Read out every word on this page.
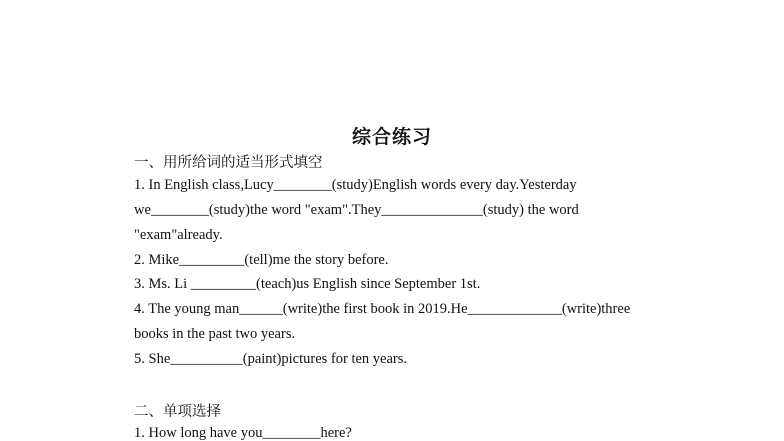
综合练习
一、用所给词的适当形式填空
1. In English class,Lucy________(study)English words every day.Yesterday
we________(study)the word "exam".They______________(study) the word
"exam"already.
2. Mike_________(tell)me the story before.
3. Ms. Li _________(teach)us English since September 1st.
4. The young man______(write)the first book in 2019.He_____________(write)three
books in the past two years.
5. She__________(paint)pictures for ten years.
二、单项选择
1. How long have you________here?
